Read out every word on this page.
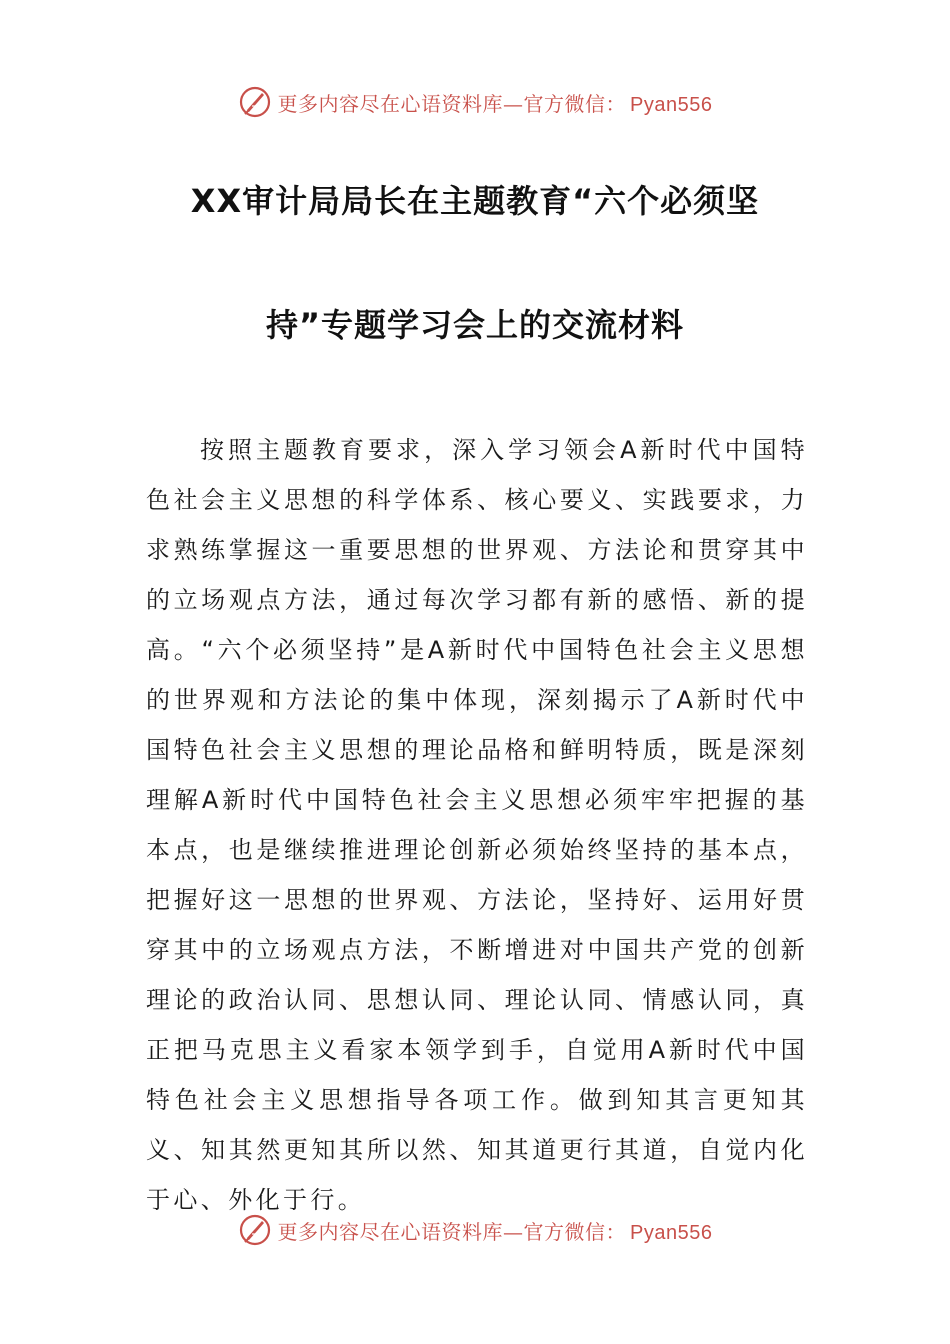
更多内容尽在心语资料库—官方微信： Pyan556
XX审计局局长在主题教育“六个必须坚
持”专题学习会上的交流材料

按照主题教育要求，深入学习领会A新时代中国特色社会主义思想的科学体系、核心要义、实践要求，力求熟练掌握这一重要思想的世界观、方法论和贯穿其中的立场观点方法，通过每次学习都有新的感悟、新的提高。“六个必须坚持”是A新时代中国特色社会主义思想的世界观和方法论的集中体现，深刻揭示了A新时代中国特色社会主义思想的理论品格和鲜明特质，既是深刻理解A新时代中国特色社会主义思想必须牢牢把握的基本点，也是继续推进理论创新必须始终坚持的基本点，把握好这一思想的世界观、方法论，坚持好、运用好贯穿其中的立场观点方法，不断增进对中国共产党的创新理论的政治认同、思想认同、理论认同、情感认同，真正把马克思主义看家本领学到手，自觉用A新时代中国特色社会主义思想指导各项工作。做到知其言更知其义、知其然更知其所以然、知其道更行其道，自觉内化于心、外化于行。

更多内容尽在心语资料库—官方微信： Pyan556
